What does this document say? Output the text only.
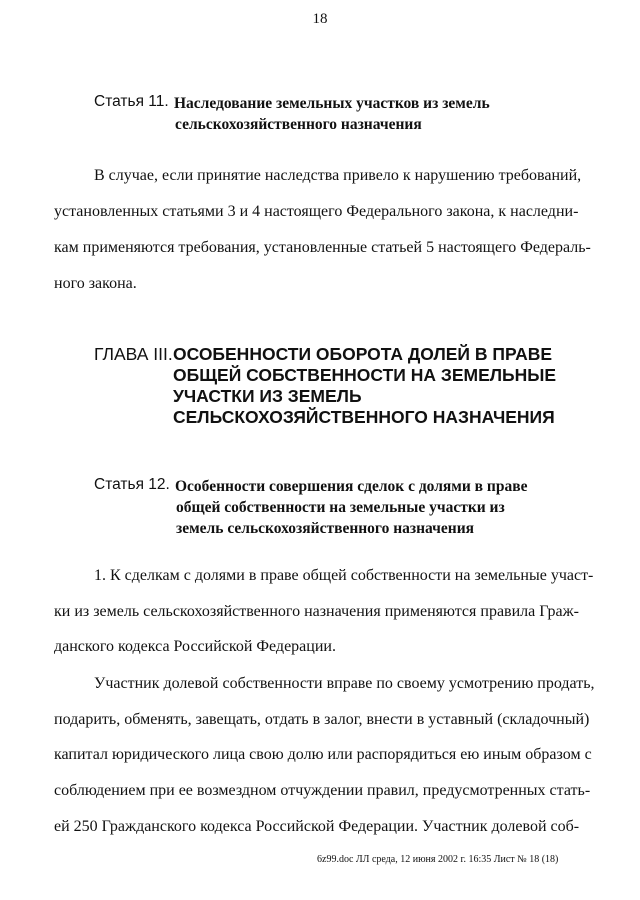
18
Статья 11. Наследование земельных участков из земель
сельскохозяйственного назначения
В случае, если принятие наследства привело к нарушению требований,
установленных статьями 3 и 4 настоящего Федерального закона, к наследни-
кам применяются требования, установленные статьей 5 настоящего Федераль-
ного закона.
ГЛАВА III. ОСОБЕННОСТИ ОБОРОТА ДОЛЕЙ В ПРАВЕ
ОБЩЕЙ СОБСТВЕННОСТИ НА ЗЕМЕЛЬНЫЕ
УЧАСТКИ ИЗ ЗЕМЕЛЬ
СЕЛЬСКОХОЗЯЙСТВЕННОГО НАЗНАЧЕНИЯ
Статья 12. Особенности совершения сделок с долями в праве
общей собственности на земельные участки из
земель сельскохозяйственного назначения
1. К сделкам с долями в праве общей собственности на земельные участ-
ки из земель сельскохозяйственного назначения применяются правила Граж-
данского кодекса Российской Федерации.
Участник долевой собственности вправе по своему усмотрению продать,
подарить, обменять, завещать, отдать в залог, внести в уставный (складочный)
капитал юридического лица свою долю или распорядиться ею иным образом с
соблюдением при ее возмездном отчуждении правил, предусмотренных стать-
ей 250 Гражданского кодекса Российской Федерации. Участник долевой соб-
6z99.doc ЛЛ среда, 12 июня 2002 г. 16:35 Лист № 18 (18)
